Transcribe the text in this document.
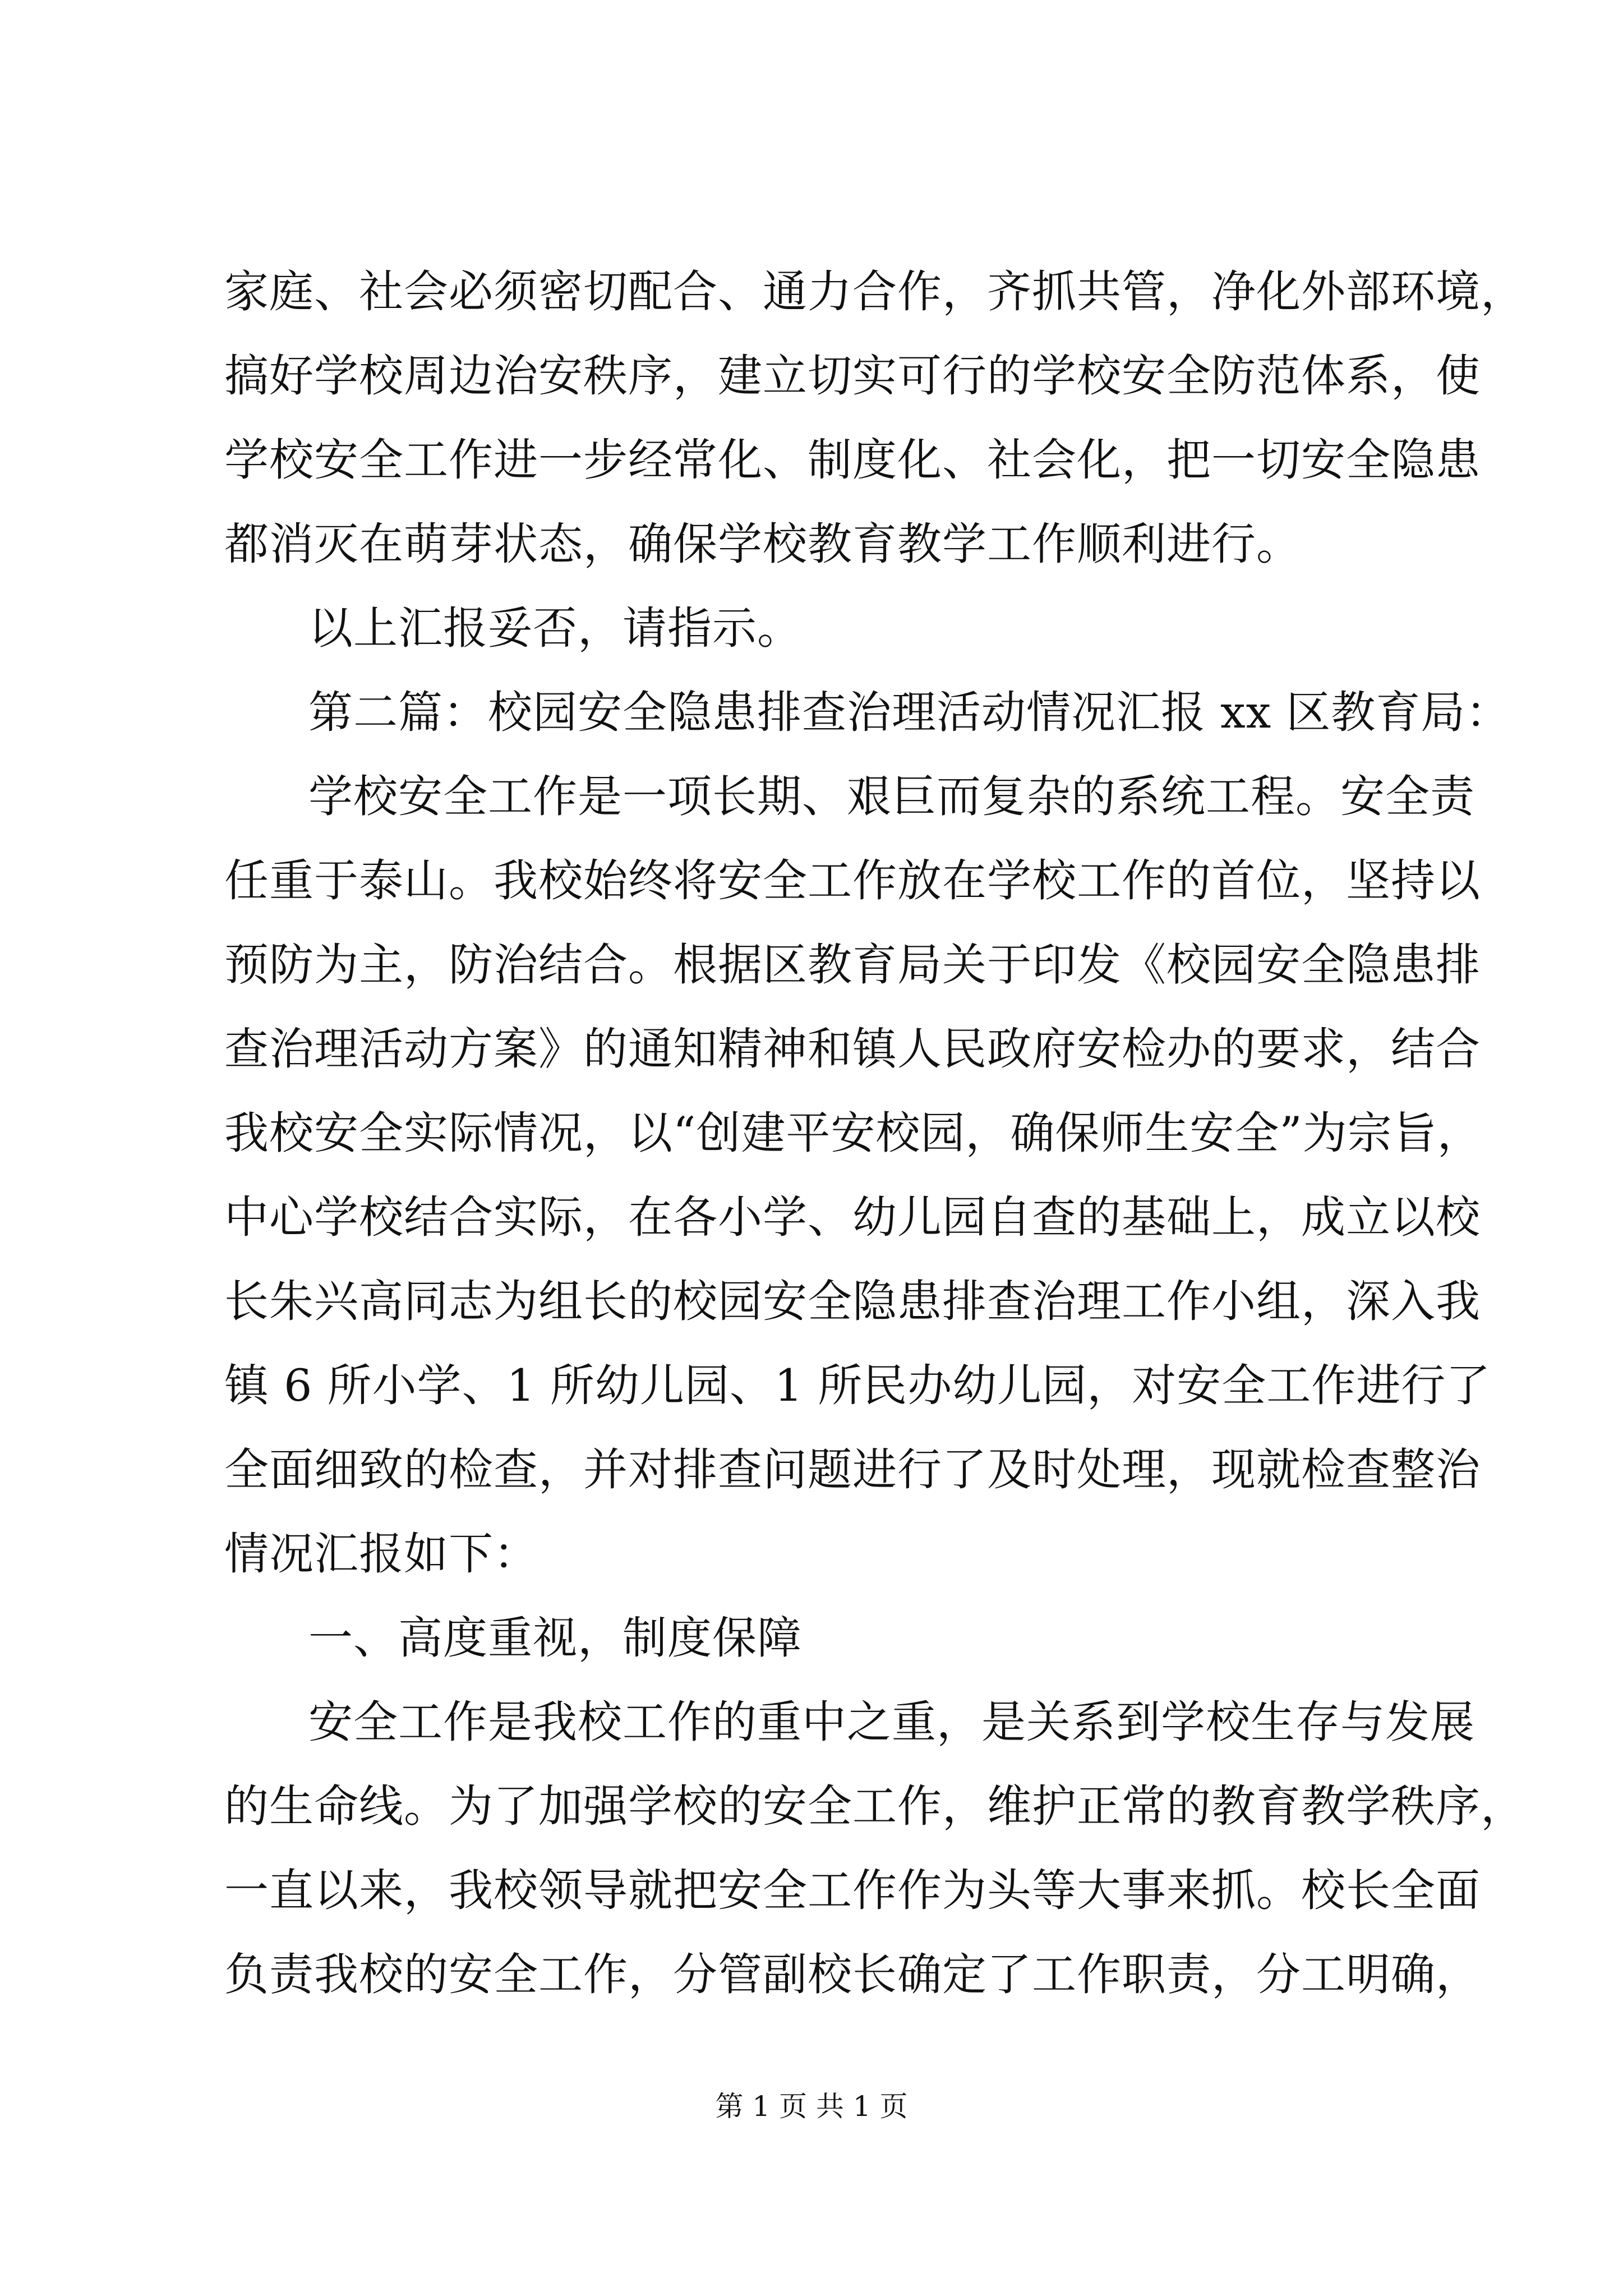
家庭、社会必须密切配合、通力合作，齐抓共管，净化外部环境，
搞好学校周边治安秩序，建立切实可行的学校安全防范体系，使
学校安全工作进一步经常化、制度化、社会化，把一切安全隐患
都消灭在萌芽状态，确保学校教育教学工作顺利进行。
以上汇报妥否，请指示。
第二篇：校园安全隐患排查治理活动情况汇报 xx 区教育局：
学校安全工作是一项长期、艰巨而复杂的系统工程。安全责
任重于泰山。我校始终将安全工作放在学校工作的首位，坚持以
预防为主，防治结合。根据区教育局关于印发《校园安全隐患排
查治理活动方案》的通知精神和镇人民政府安检办的要求，结合
我校安全实际情况，以“创建平安校园，确保师生安全”为宗旨，
中心学校结合实际，在各小学、幼儿园自查的基础上，成立以校
长朱兴高同志为组长的校园安全隐患排查治理工作小组，深入我
镇 6 所小学、1 所幼儿园、1 所民办幼儿园，对安全工作进行了
全面细致的检查，并对排查问题进行了及时处理，现就检查整治
情况汇报如下：
一、高度重视，制度保障
安全工作是我校工作的重中之重，是关系到学校生存与发展
的生命线。为了加强学校的安全工作，维护正常的教育教学秩序，
一直以来，我校领导就把安全工作作为头等大事来抓。校长全面
负责我校的安全工作，分管副校长确定了工作职责，分工明确，
第 1 页 共 1 页
